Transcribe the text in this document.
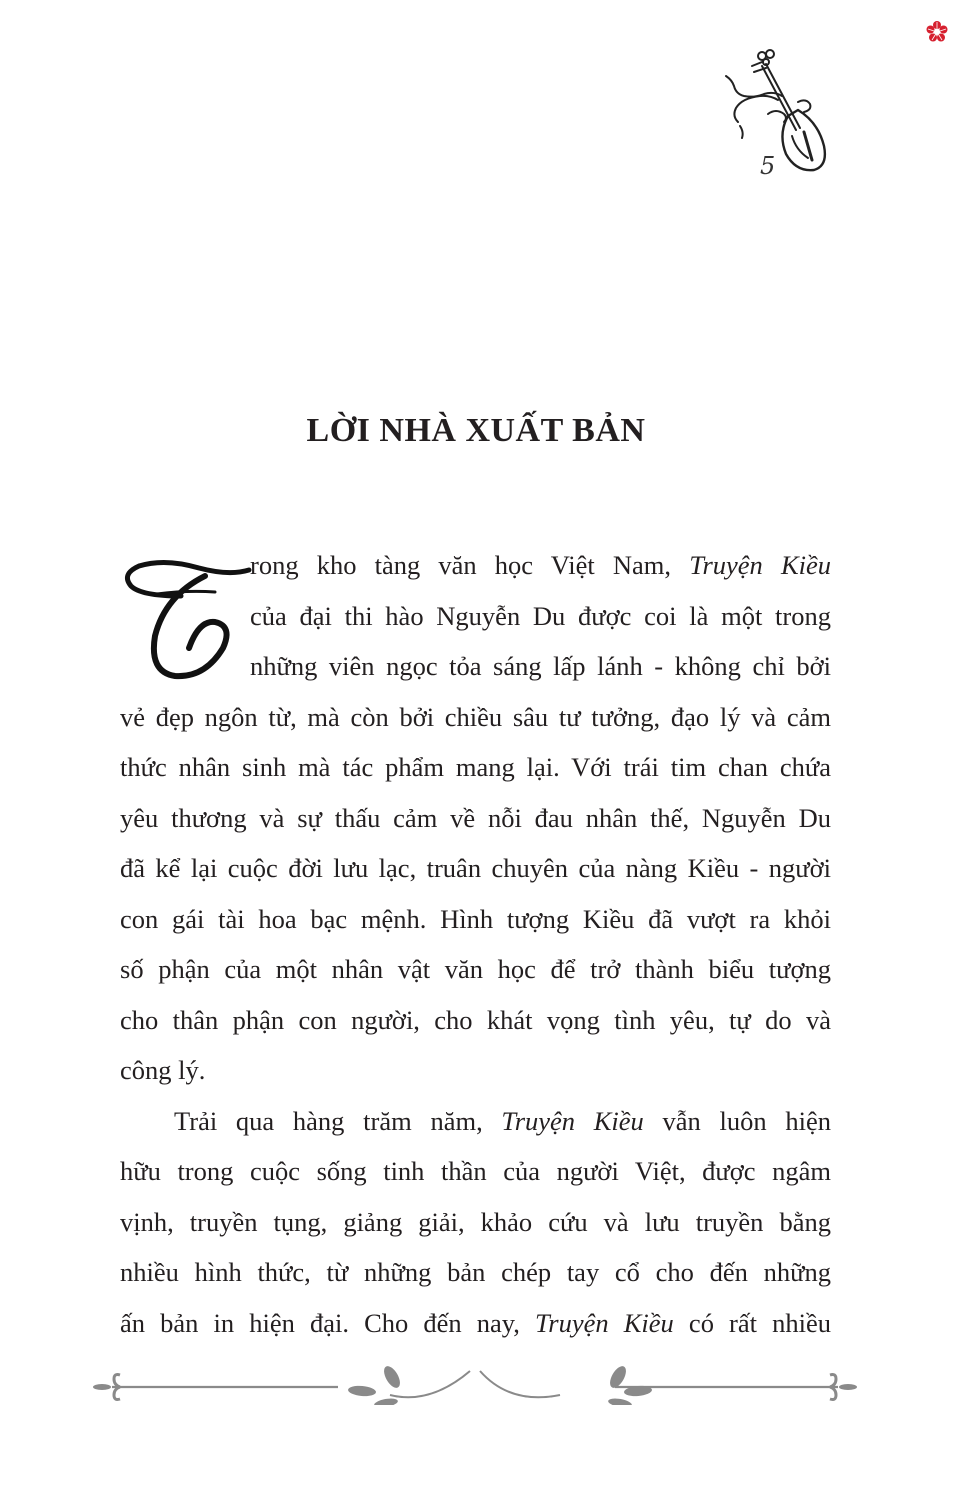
5
LỜI NHÀ XUẤT BẢN

rong kho tàng văn học Việt Nam, Truyện Kiều
của đại thi hào Nguyễn Du được coi là một trong
những viên ngọc tỏa sáng lấp lánh - không chỉ bởi
vẻ đẹp ngôn từ, mà còn bởi chiều sâu tư tưởng, đạo lý và cảm
thức nhân sinh mà tác phẩm mang lại. Với trái tim chan chứa
yêu thương và sự thấu cảm về nỗi đau nhân thế, Nguyễn Du
đã kể lại cuộc đời lưu lạc, truân chuyên của nàng Kiều - người
con gái tài hoa bạc mệnh. Hình tượng Kiều đã vượt ra khỏi
số phận của một nhân vật văn học để trở thành biểu tượng
cho thân phận con người, cho khát vọng tình yêu, tự do và
công lý.

Trải qua hàng trăm năm, Truyện Kiều vẫn luôn hiện
hữu trong cuộc sống tinh thần của người Việt, được ngâm
vịnh, truyền tụng, giảng giải, khảo cứu và lưu truyền bằng
nhiều hình thức, từ những bản chép tay cổ cho đến những
ấn bản in hiện đại. Cho đến nay, Truyện Kiều có rất nhiều
